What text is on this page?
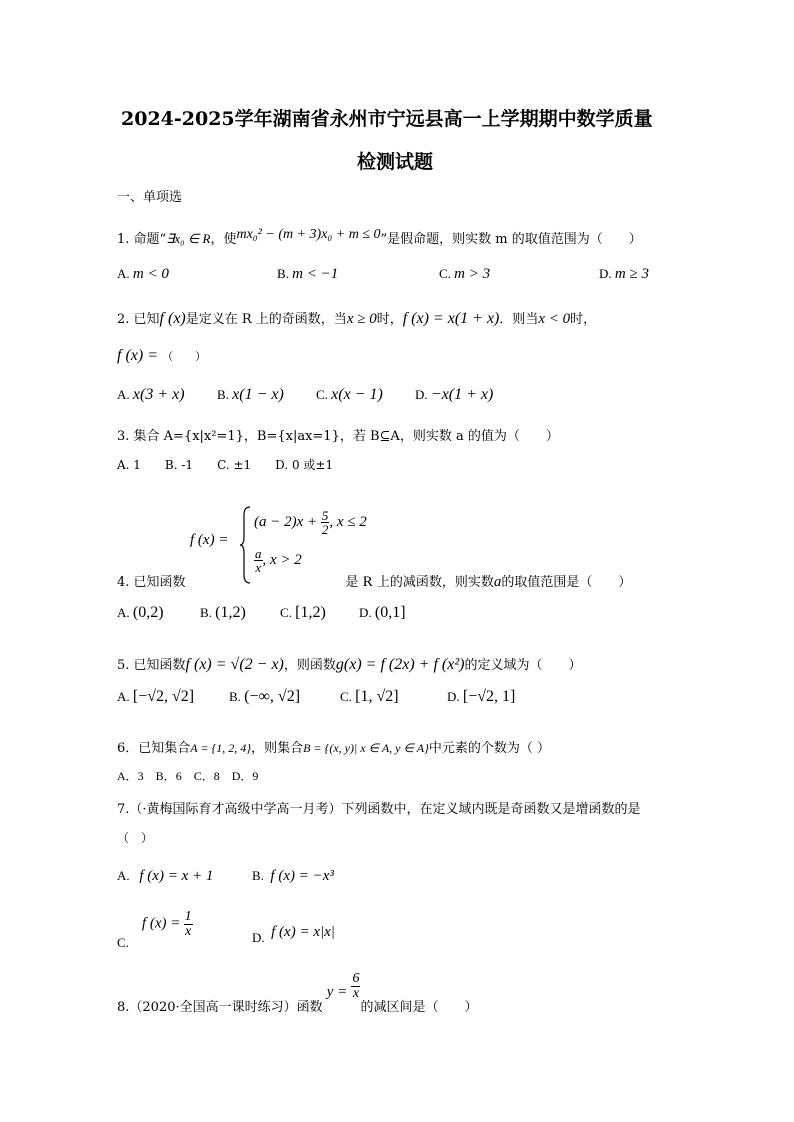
2024-2025学年湖南省永州市宁远县高一上学期期中数学质量
检测试题
一、单项选
1. 命题“∃x₀ ∈ R，使mx₀² − (m + 3)x₀ + m ≤ 0”是假命题，则实数 m 的取值范围为（　　）
A. m < 0	B. m < −1	C. m > 3	D. m ≥ 3
2. 已知f (x)是定义在 R 上的奇函数，当x ≥ 0时，f (x) = x(1 + x)．则当x < 0时，
f (x) = （　　）
A. x(3 + x) B. x(1 − x) C. x(x − 1) D. −x(1 + x)
3. 集合 A={x|x²=1}，B={x|ax=1}，若 B⊆A，则实数 a 的值为（　　）
A. 1　　B. -1　　C. ±1　　D. 0 或±1
f (x) =
$(a - 2)x + \frac{5}{2}$ , x ≤ 2
$\frac{a}{x}$ , x > 2
4. 已知函数	是 R 上的减函数，则实数a的取值范围是（　　）
A. (0,2)	B. (1,2)	C. [1,2)	D. (0,1]
5. 已知函数f (x) = √(2 − x)，则函数g(x) = f (2x) + f (x²)的定义域为（　　）
A. [−√2, √2]	B. (−∞, √2]	C. [1, √2]	D. [−√2, 1]
6．已知集合A = {1, 2, 4}，则集合B = {(x, y)| x ∈ A, y ∈ A}中元素的个数为（ ）
A．3 B．6 C．8 D．9
7.（·黄梅国际育才高级中学高一月考）下列函数中，在定义域内既是奇函数又是增函数的是
（　）
A. f (x) = x + 1	B. f (x) = −x³
C.    f $(x) = \frac{1}{x}$	D. f (x) = x|x|
8.（2020·全国高一课时练习）函数 $y = \frac{6}{x}$
的减区间是（　　）
